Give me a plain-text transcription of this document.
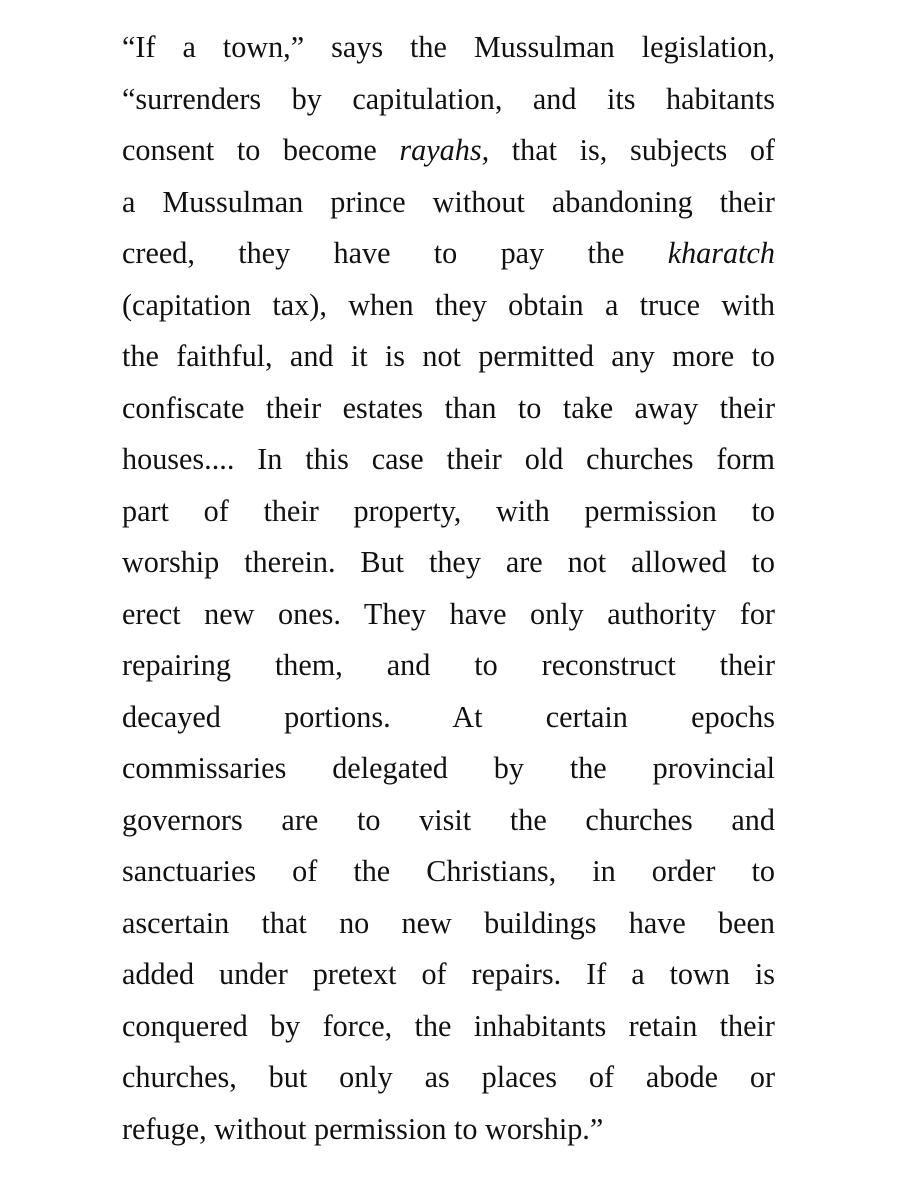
“If a town,” says the Mussulman legislation,
“surrenders by capitulation, and its habitants
consent to become rayahs, that is, subjects of
a Mussulman prince without abandoning their
creed, they have to pay the kharatch
(capitation tax), when they obtain a truce with
the faithful, and it is not permitted any more to
confiscate their estates than to take away their
houses.... In this case their old churches form
part of their property, with permission to
worship therein. But they are not allowed to
erect new ones. They have only authority for
repairing them, and to reconstruct their
decayed portions. At certain epochs
commissaries delegated by the provincial
governors are to visit the churches and
sanctuaries of the Christians, in order to
ascertain that no new buildings have been
added under pretext of repairs. If a town is
conquered by force, the inhabitants retain their
churches, but only as places of abode or
refuge, without permission to worship.”
